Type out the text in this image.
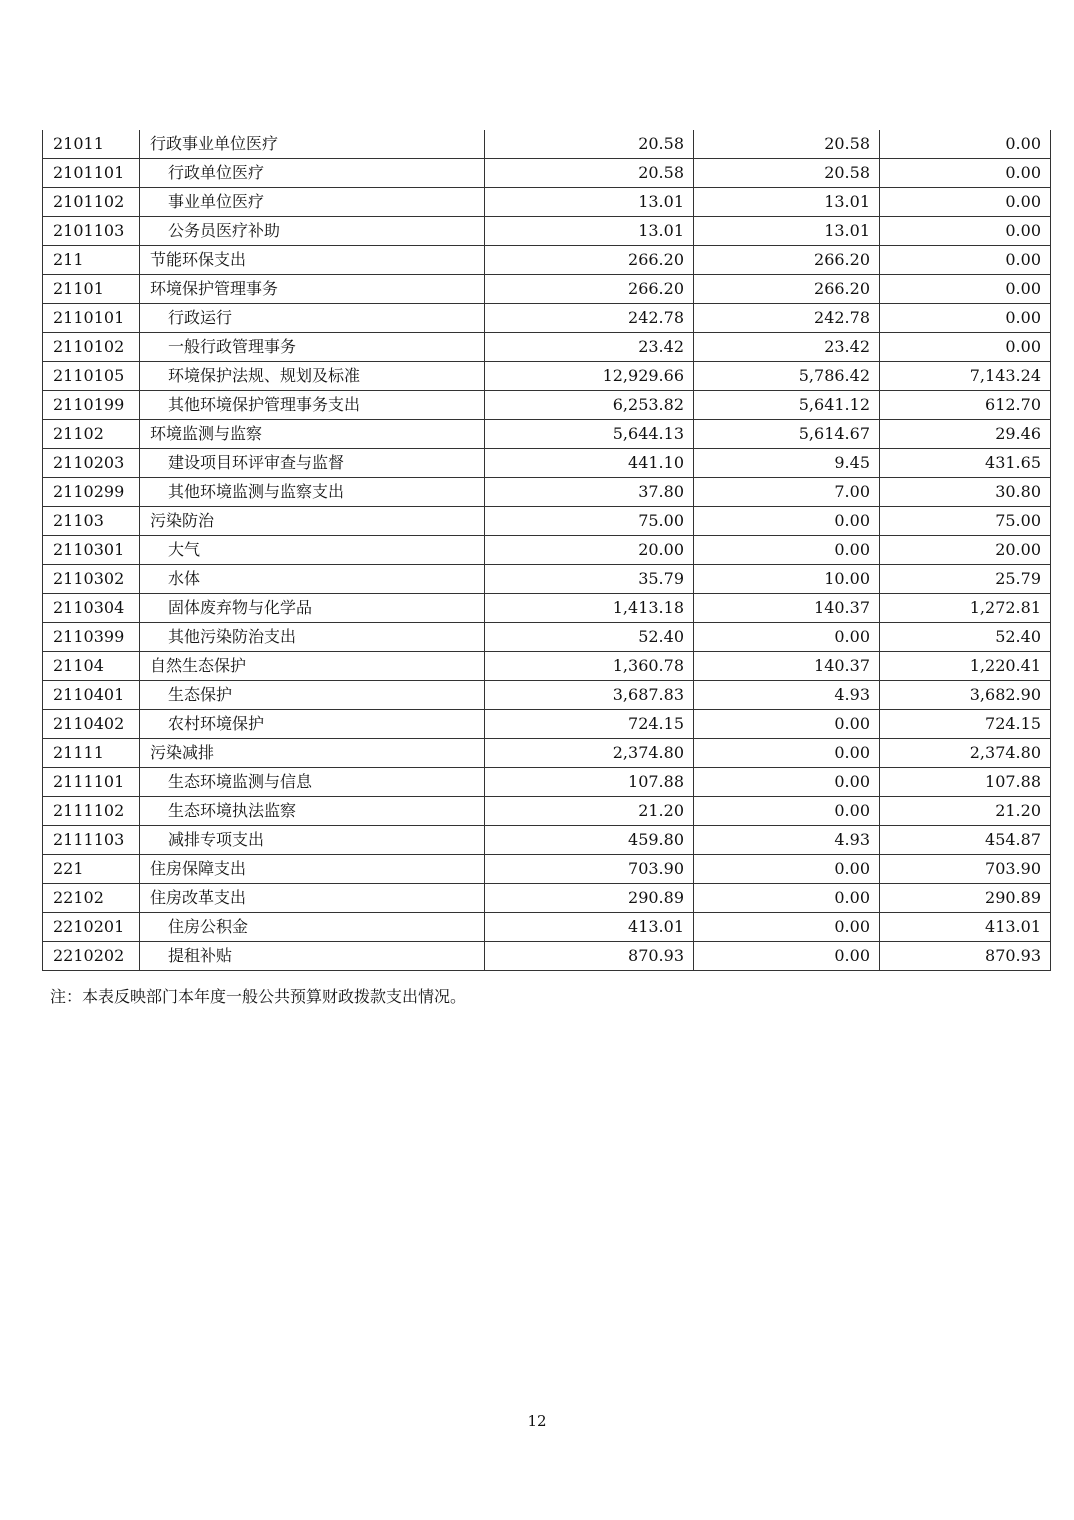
21011	行政事业单位医疗	20.58	20.58	0.00
2101101	行政单位医疗	20.58	20.58	0.00
2101102	事业单位医疗	13.01	13.01	0.00
2101103	公务员医疗补助	13.01	13.01	0.00
211	节能环保支出	266.20	266.20	0.00
21101	环境保护管理事务	266.20	266.20	0.00
2110101	行政运行	242.78	242.78	0.00
2110102	一般行政管理事务	23.42	23.42	0.00
2110105	环境保护法规、规划及标准	12,929.66	5,786.42	7,143.24
2110199	其他环境保护管理事务支出	6,253.82	5,641.12	612.70
21102	环境监测与监察	5,644.13	5,614.67	29.46
2110203	建设项目环评审查与监督	441.10	9.45	431.65
2110299	其他环境监测与监察支出	37.80	7.00	30.80
21103	污染防治	75.00	0.00	75.00
2110301	大气	20.00	0.00	20.00
2110302	水体	35.79	10.00	25.79
2110304	固体废弃物与化学品	1,413.18	140.37	1,272.81
2110399	其他污染防治支出	52.40	0.00	52.40
21104	自然生态保护	1,360.78	140.37	1,220.41
2110401	生态保护	3,687.83	4.93	3,682.90
2110402	农村环境保护	724.15	0.00	724.15
21111	污染减排	2,374.80	0.00	2,374.80
2111101	生态环境监测与信息	107.88	0.00	107.88
2111102	生态环境执法监察	21.20	0.00	21.20
2111103	减排专项支出	459.80	4.93	454.87
221	住房保障支出	703.90	0.00	703.90
22102	住房改革支出	290.89	0.00	290.89
2210201	住房公积金	413.01	0.00	413.01
2210202	提租补贴	870.93	0.00	870.93
注：本表反映部门本年度一般公共预算财政拨款支出情况。
12
